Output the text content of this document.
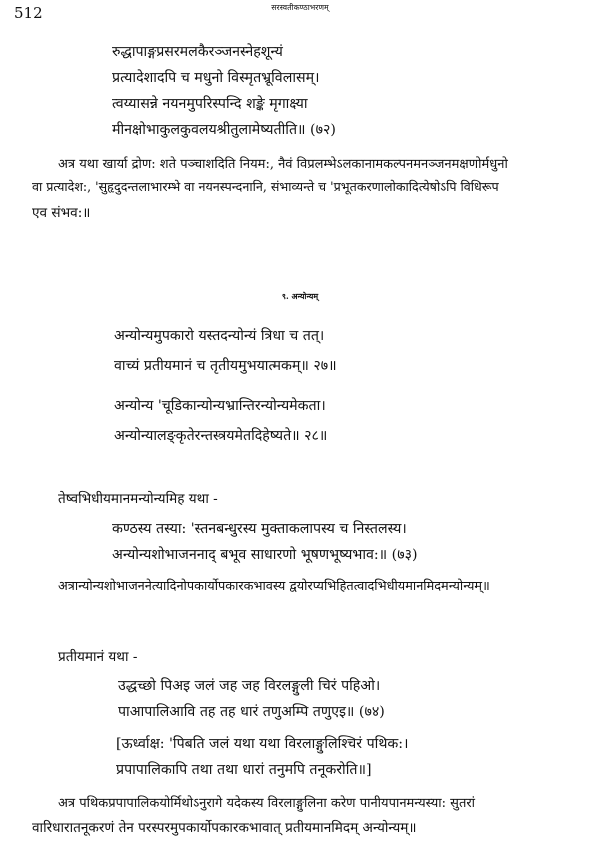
सरस्वतीकण्ठाभरणम्
512
रुद्धापाङ्गप्रसरमलकैरञ्जनस्नेहशून्यं
प्रत्यादेशादपि च मधुनो विस्मृतभ्रूविलासम्।
त्वय्यासन्ने नयनमुपरिस्पन्दि शङ्के मृगाक्ष्या
मीनक्षोभाकुलकुवलयश्रीतुलामेष्यतीति॥ (७२)
अत्र यथा खार्या द्रोण: शते पञ्चाशदिति नियम:, नैवं विप्रलम्भेऽलकानामकल्पनमनञ्जनमक्षणोर्मधुनो
वा प्रत्यादेश:, 'सुहृदुदन्तलाभारम्भे वा नयनस्पन्दनानि, संभाव्यन्ते च 'प्रभूतकरणालोकादित्येषोऽपि विधिरूप
एव संभव:॥
९. अन्योन्यम्
अन्योन्यमुपकारो यस्तदन्योन्यं त्रिधा च तत्।
वाच्यं प्रतीयमानं च तृतीयमुभयात्मकम्॥ २७॥
अन्योन्य 'चूडिकान्योन्यभ्रान्तिरन्योन्यमेकता।
अन्योन्यालङ्कृतेरन्तस्त्रयमेतदिहेष्यते॥ २८॥
तेष्वभिधीयमानमन्योन्यमिह यथा -
कण्ठस्य तस्या: 'स्तनबन्धुरस्य मुक्ताकलापस्य च निस्तलस्य।
अन्योन्यशोभाजननाद् बभूव साधारणो भूषणभूष्यभाव:॥ (७३)
अत्रान्योन्यशोभाजननेत्यादिनोपकार्योपकारकभावस्य द्वयोरप्यभिहितत्वादभिधीयमानमिदमन्योन्यम्॥
प्रतीयमानं यथा -
उद्धच्छो पिअइ जलं जह जह विरलङ्गुली चिरं पहिओ।
पाआपालिआवि तह तह धारं तणुअम्पि तणुएइ॥ (७४)
[ऊर्ध्वाक्ष: 'पिबति जलं यथा यथा विरलाङ्गुलिश्चिरं पथिक:।
प्रपापालिकापि तथा तथा धारां तनुमपि तनूकरोति॥]
अत्र पथिकप्रपापालिकयोर्मिथोऽनुरागे यदेकस्य विरलाङ्गुलिना करेण पानीयपानमन्यस्या: सुतरां
वारिधारातनूकरणं तेन परस्परमुपकार्योपकारकभावात् प्रतीयमानमिदम् अन्योन्यम्॥
